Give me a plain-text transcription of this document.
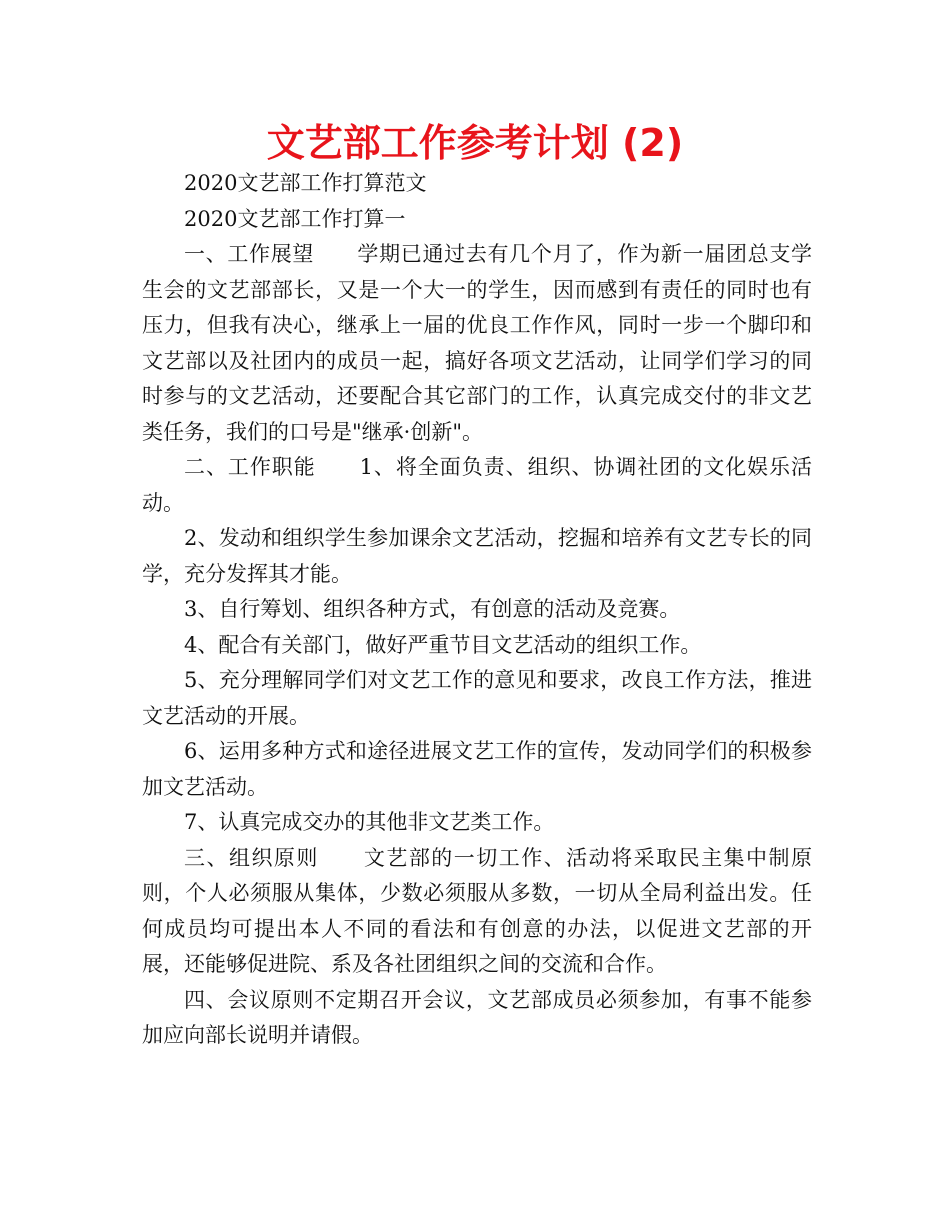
文艺部工作参考计划 (2)

2020文艺部工作打算范文

2020文艺部工作打算一

一、工作展望　　学期已通过去有几个月了，作为新一届团总支学生会的文艺部部长，又是一个大一的学生，因而感到有责任的同时也有压力，但我有决心，继承上一届的优良工作作风，同时一步一个脚印和文艺部以及社团内的成员一起，搞好各项文艺活动，让同学们学习的同时参与的文艺活动，还要配合其它部门的工作，认真完成交付的非文艺类任务，我们的口号是"继承·创新"。

二、工作职能　　1、将全面负责、组织、协调社团的文化娱乐活动。

2、发动和组织学生参加课余文艺活动，挖掘和培养有文艺专长的同学，充分发挥其才能。

3、自行筹划、组织各种方式，有创意的活动及竞赛。

4、配合有关部门，做好严重节目文艺活动的组织工作。

5、充分理解同学们对文艺工作的意见和要求，改良工作方法，推进文艺活动的开展。

6、运用多种方式和途径进展文艺工作的宣传，发动同学们的积极参加文艺活动。

7、认真完成交办的其他非文艺类工作。

三、组织原则　　文艺部的一切工作、活动将采取民主集中制原则，个人必须服从集体，少数必须服从多数，一切从全局利益出发。任何成员均可提出本人不同的看法和有创意的办法，以促进文艺部的开展，还能够促进院、系及各社团组织之间的交流和合作。

四、会议原则不定期召开会议，文艺部成员必须参加，有事不能参加应向部长说明并请假。
